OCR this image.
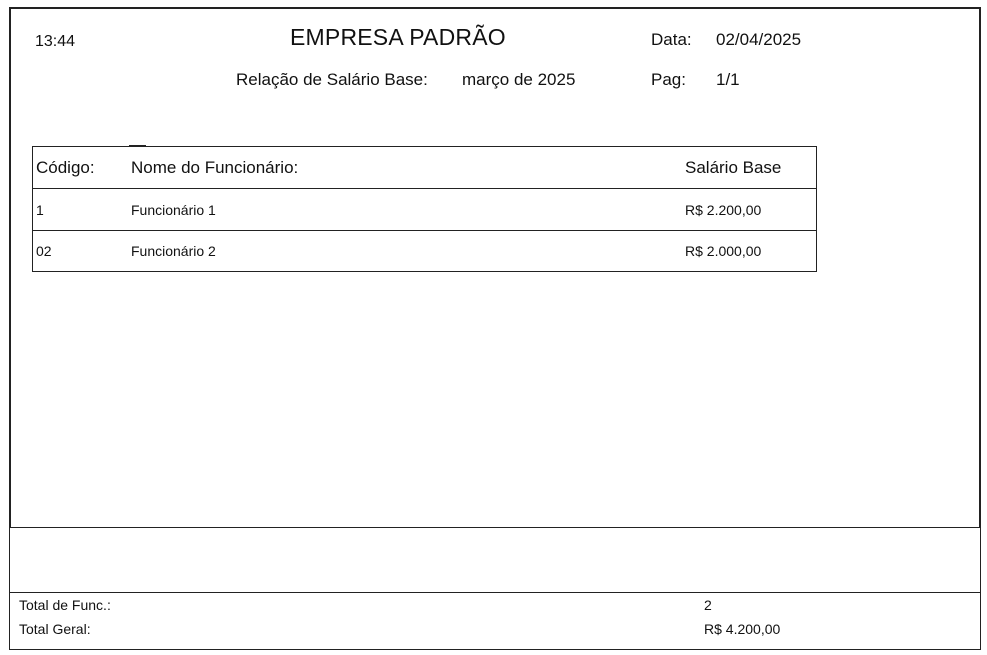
13:44	EMPRESA PADRÃO	Data: 02/04/2025
Relação de Salário Base: março de 2025	Pag: 1/1
Código: Nome do Funcionário:	Salário Base
1	Funcionário 1	R$ 2.200,00
02	Funcionário 2	R$ 2.000,00
Total de Func.:	2
Total Geral:	R$ 4.200,00
